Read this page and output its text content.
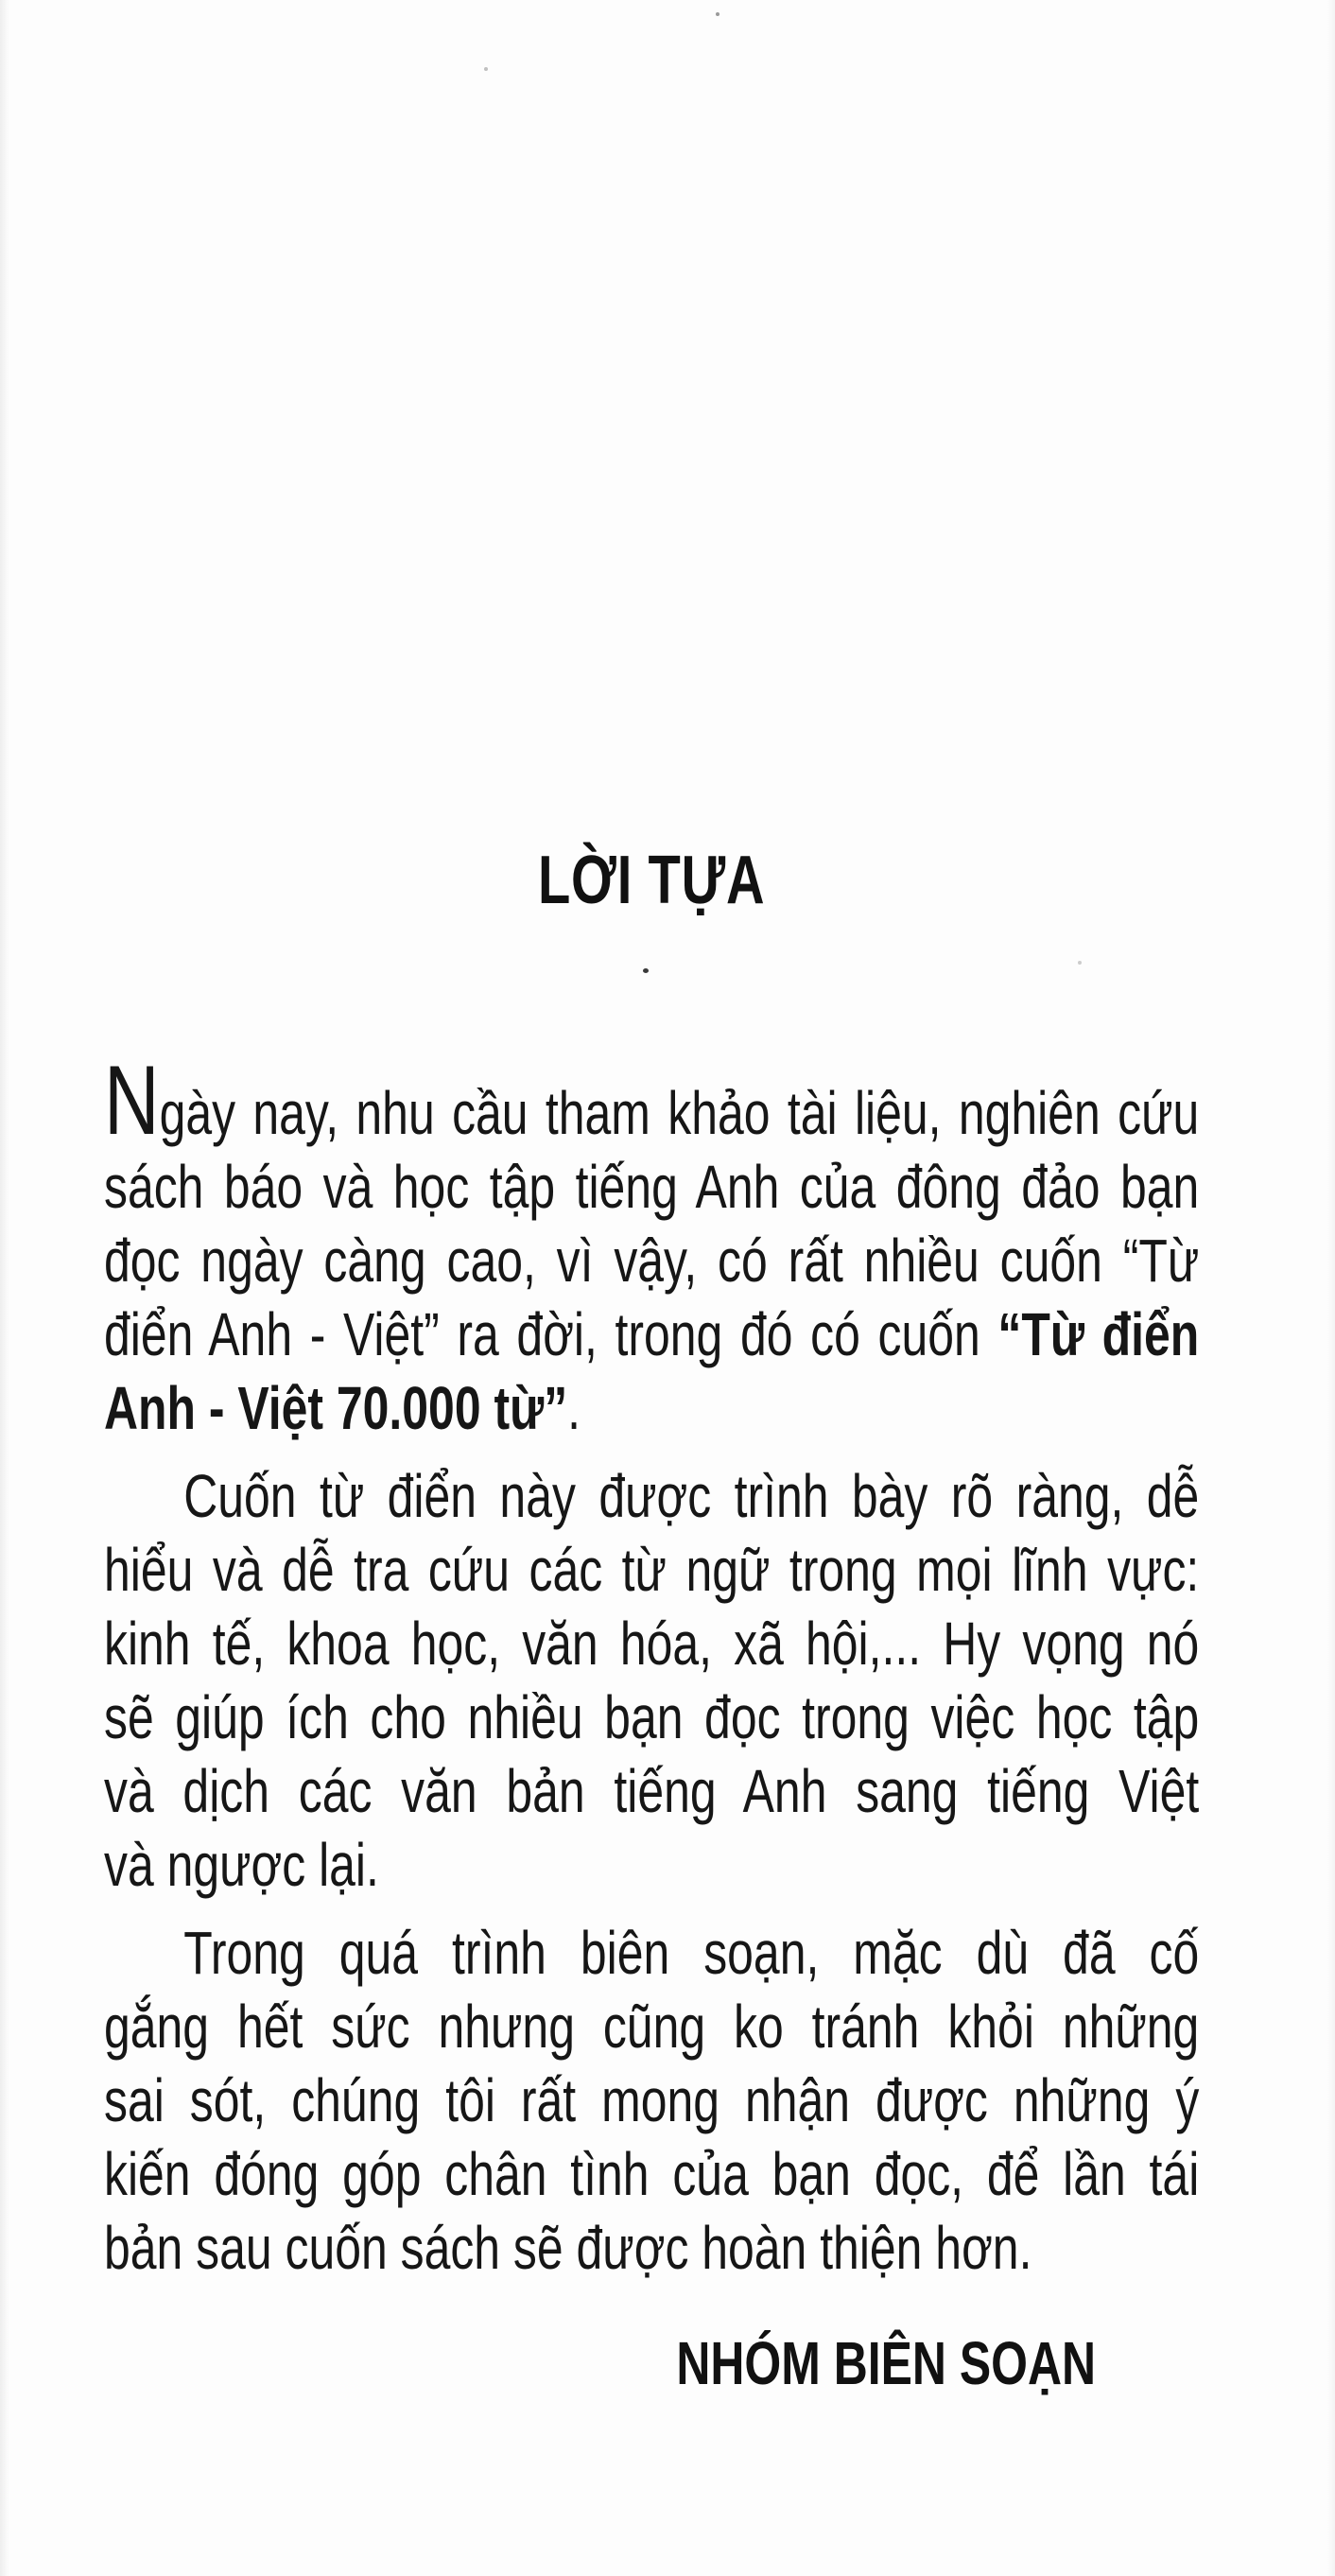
LỜI TỰA
Ngày nay, nhu cầu tham khảo tài liệu, nghiên cứu
sách báo và học tập tiếng Anh của đông đảo bạn
đọc ngày càng cao, vì vậy, có rất nhiều cuốn “Từ
điển Anh - Việt” ra đời, trong đó có cuốn “Từ điển
Anh - Việt 70.000 từ”.
Cuốn từ điển này được trình bày rõ ràng, dễ
hiểu và dễ tra cứu các từ ngữ trong mọi lĩnh vực:
kinh tế, khoa học, văn hóa, xã hội,... Hy vọng nó
sẽ giúp ích cho nhiều bạn đọc trong việc học tập
và dịch các văn bản tiếng Anh sang tiếng Việt
và ngược lại.
Trong quá trình biên soạn, mặc dù đã cố
gắng hết sức nhưng cũng ko tránh khỏi những
sai sót, chúng tôi rất mong nhận được những ý
kiến đóng góp chân tình của bạn đọc, để lần tái
bản sau cuốn sách sẽ được hoàn thiện hơn.
NHÓM BIÊN SOẠN
